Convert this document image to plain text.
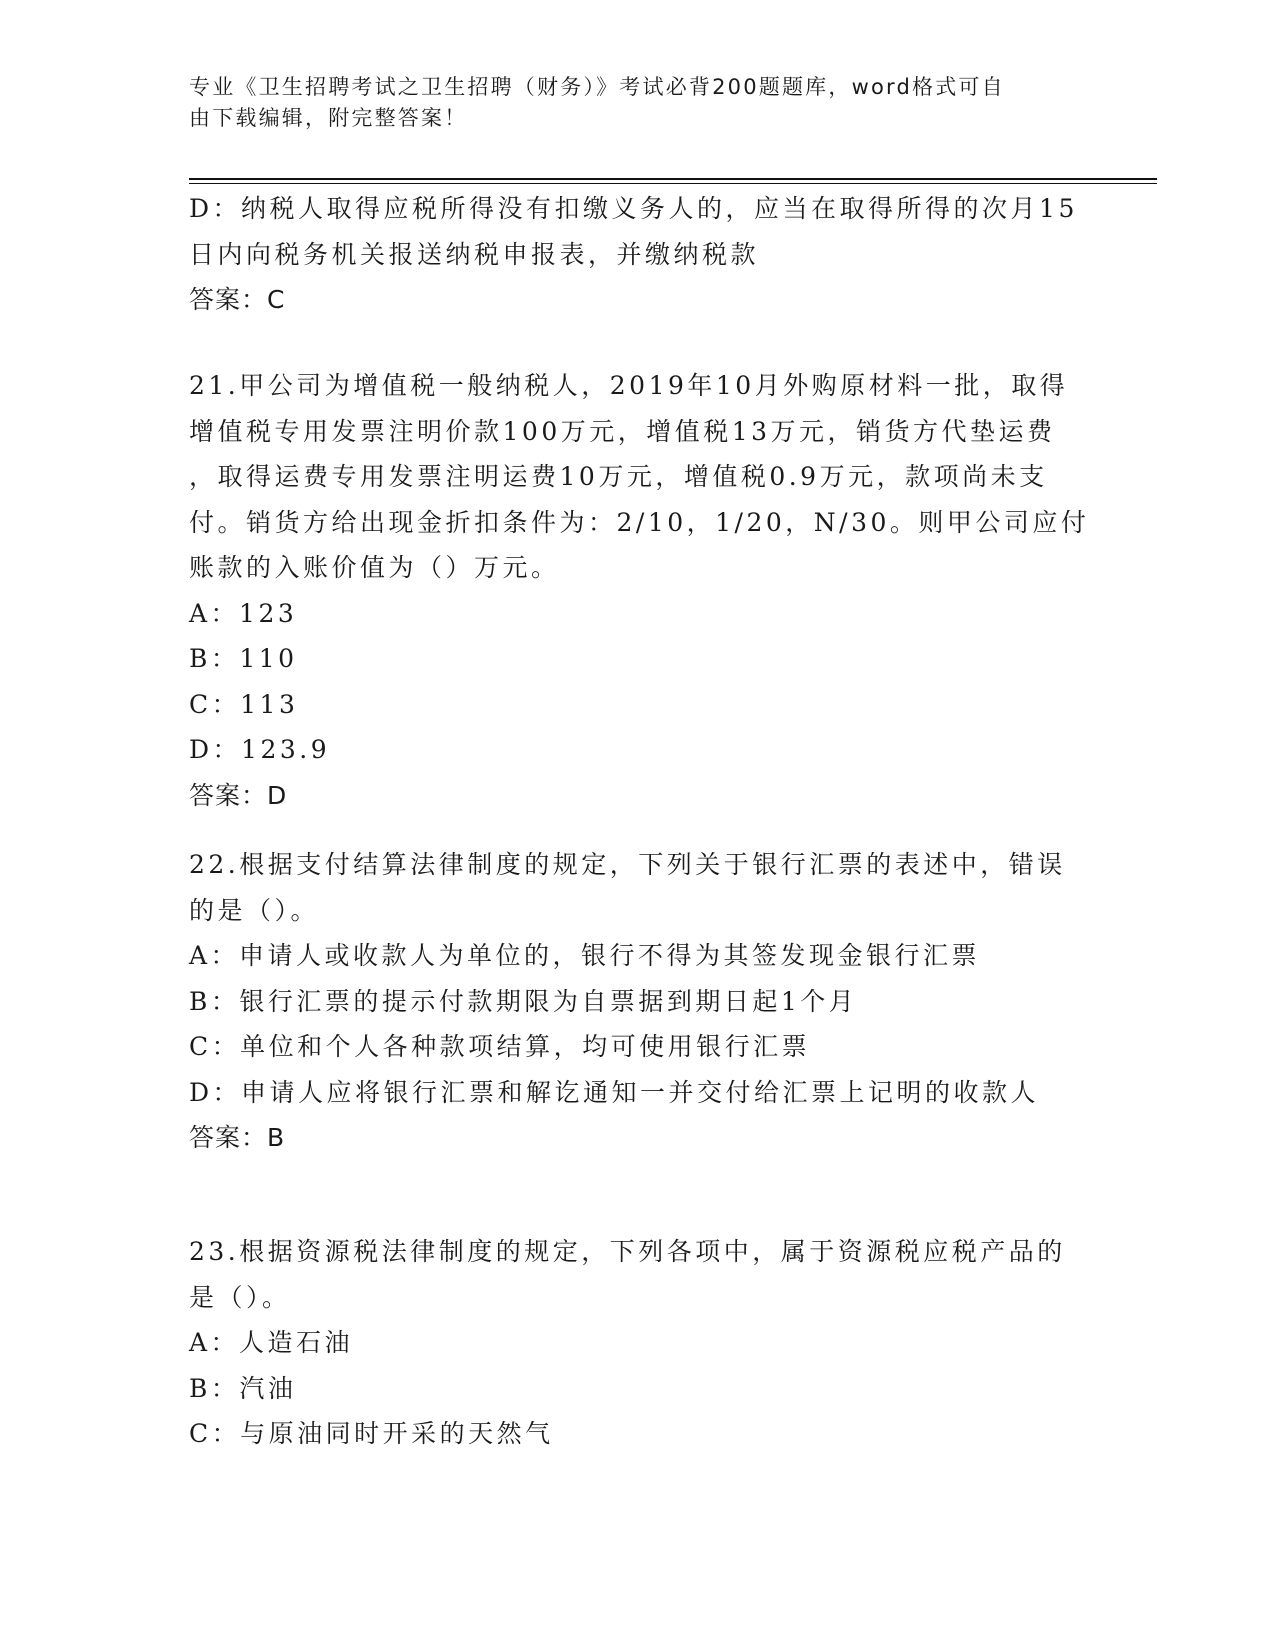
专业《卫生招聘考试之卫生招聘（财务）》考试必背200题题库，word格式可自
由下载编辑，附完整答案！
D：纳税人取得应税所得没有扣缴义务人的，应当在取得所得的次月15
日内向税务机关报送纳税申报表，并缴纳税款
答案：C
21.甲公司为增值税一般纳税人，2019年10月外购原材料一批，取得
增值税专用发票注明价款100万元，增值税13万元，销货方代垫运费
，取得运费专用发票注明运费10万元，增值税0.9万元，款项尚未支
付。销货方给出现金折扣条件为：2/10，1/20，N/30。则甲公司应付
账款的入账价值为（）万元。
A：123
B：110
C：113
D：123.9
答案：D
22.根据支付结算法律制度的规定，下列关于银行汇票的表述中，错误
的是（）。
A：申请人或收款人为单位的，银行不得为其签发现金银行汇票
B：银行汇票的提示付款期限为自票据到期日起1个月
C：单位和个人各种款项结算，均可使用银行汇票
D：申请人应将银行汇票和解讫通知一并交付给汇票上记明的收款人
答案：B
23.根据资源税法律制度的规定，下列各项中，属于资源税应税产品的
是（）。
A：人造石油
B：汽油
C：与原油同时开采的天然气
